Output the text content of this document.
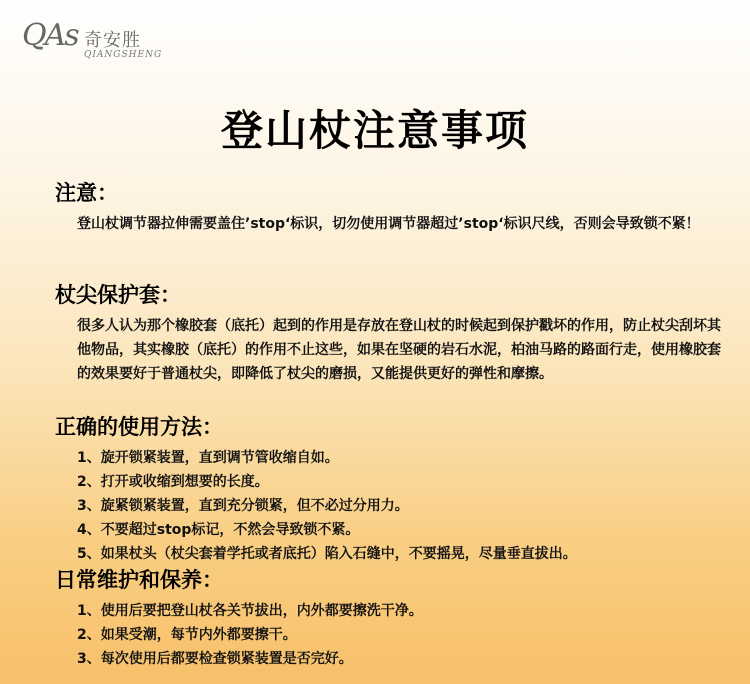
QAs 奇安胜
QIANGSHENG
登山杖注意事项
注意：

登山杖调节器拉伸需要盖住’stop‘标识，切勿使用调节器超过’stop‘标识尺线，否则会导致锁不紧！

杖尖保护套：

很多人认为那个橡胶套（底托）起到的作用是存放在登山杖的时候起到保护戳坏的作用，防止杖尖刮坏其他物品，其实橡胶（底托）的作用不止这些，如果在坚硬的岩石水泥，柏油马路的路面行走，使用橡胶套的效果要好于普通杖尖，即降低了杖尖的磨损，又能提供更好的弹性和摩擦。

正确的使用方法：

1、旋开锁紧装置，直到调节管收缩自如。

2、打开或收缩到想要的长度。

3、旋紧锁紧装置，直到充分锁紧，但不必过分用力。

4、不要超过stop标记，不然会导致锁不紧。

5、如果杖头（杖尖套着学托或者底托）陷入石缝中，不要摇晃，尽量垂直拔出。

日常维护和保养：

1、使用后要把登山杖各关节拔出，内外都要擦洗干净。

2、如果受潮，每节内外都要擦干。

3、每次使用后都要检查锁紧装置是否完好。
